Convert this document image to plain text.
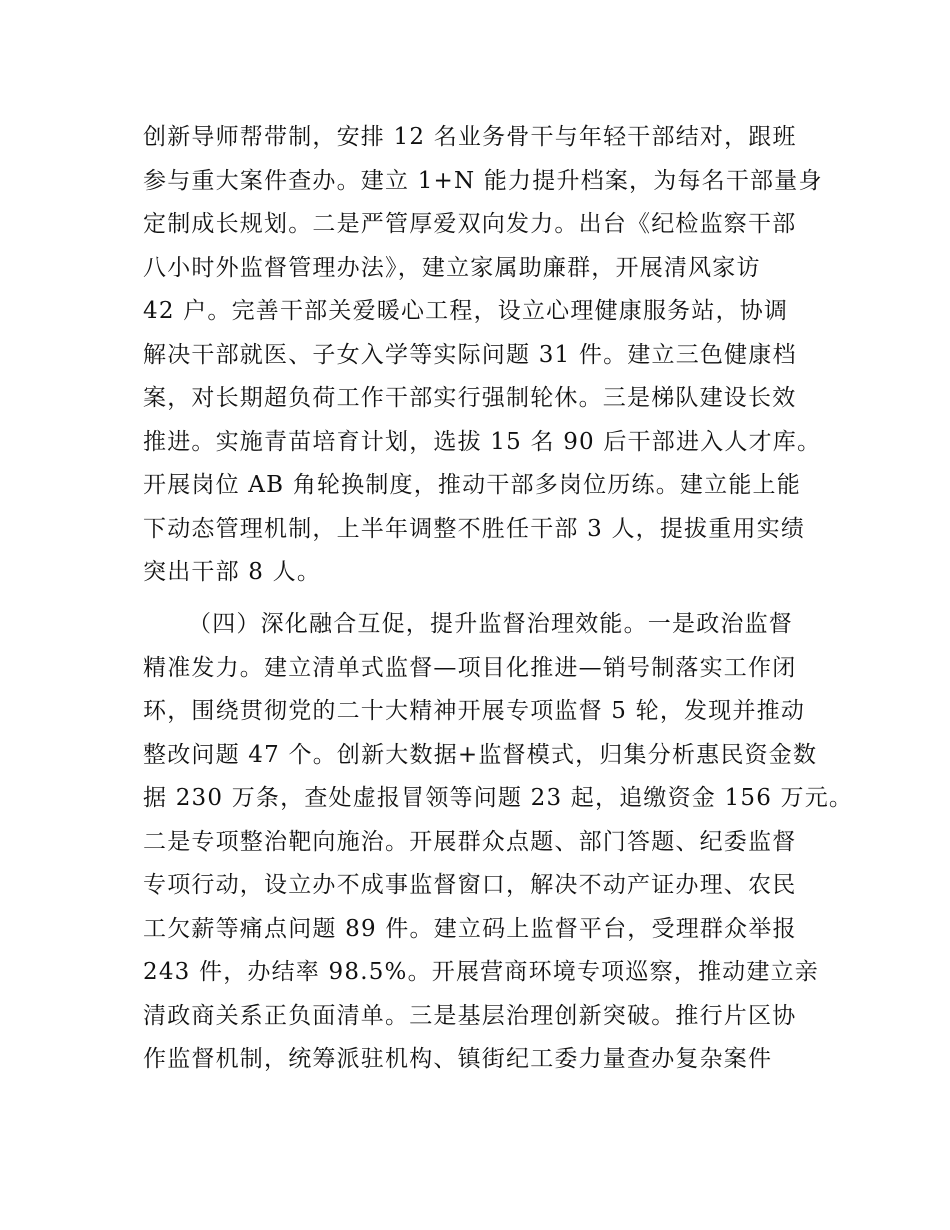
创新导师帮带制，安排 12 名业务骨干与年轻干部结对，跟班
参与重大案件查办。建立 1+N 能力提升档案，为每名干部量身
定制成长规划。二是严管厚爱双向发力。出台《纪检监察干部
八小时外监督管理办法》，建立家属助廉群，开展清风家访
42 户。完善干部关爱暖心工程，设立心理健康服务站，协调
解决干部就医、子女入学等实际问题 31 件。建立三色健康档
案，对长期超负荷工作干部实行强制轮休。三是梯队建设长效
推进。实施青苗培育计划，选拔 15 名 90 后干部进入人才库。
开展岗位 AB 角轮换制度，推动干部多岗位历练。建立能上能
下动态管理机制，上半年调整不胜任干部 3 人，提拔重用实绩
突出干部 8 人。
（四）深化融合互促，提升监督治理效能。一是政治监督
精准发力。建立清单式监督—项目化推进—销号制落实工作闭
环，围绕贯彻党的二十大精神开展专项监督 5 轮，发现并推动
整改问题 47 个。创新大数据+监督模式，归集分析惠民资金数
据 230 万条，查处虚报冒领等问题 23 起，追缴资金 156 万元。
二是专项整治靶向施治。开展群众点题、部门答题、纪委监督
专项行动，设立办不成事监督窗口，解决不动产证办理、农民
工欠薪等痛点问题 89 件。建立码上监督平台，受理群众举报
243 件，办结率 98.5%。开展营商环境专项巡察，推动建立亲
清政商关系正负面清单。三是基层治理创新突破。推行片区协
作监督机制，统筹派驻机构、镇街纪工委力量查办复杂案件
